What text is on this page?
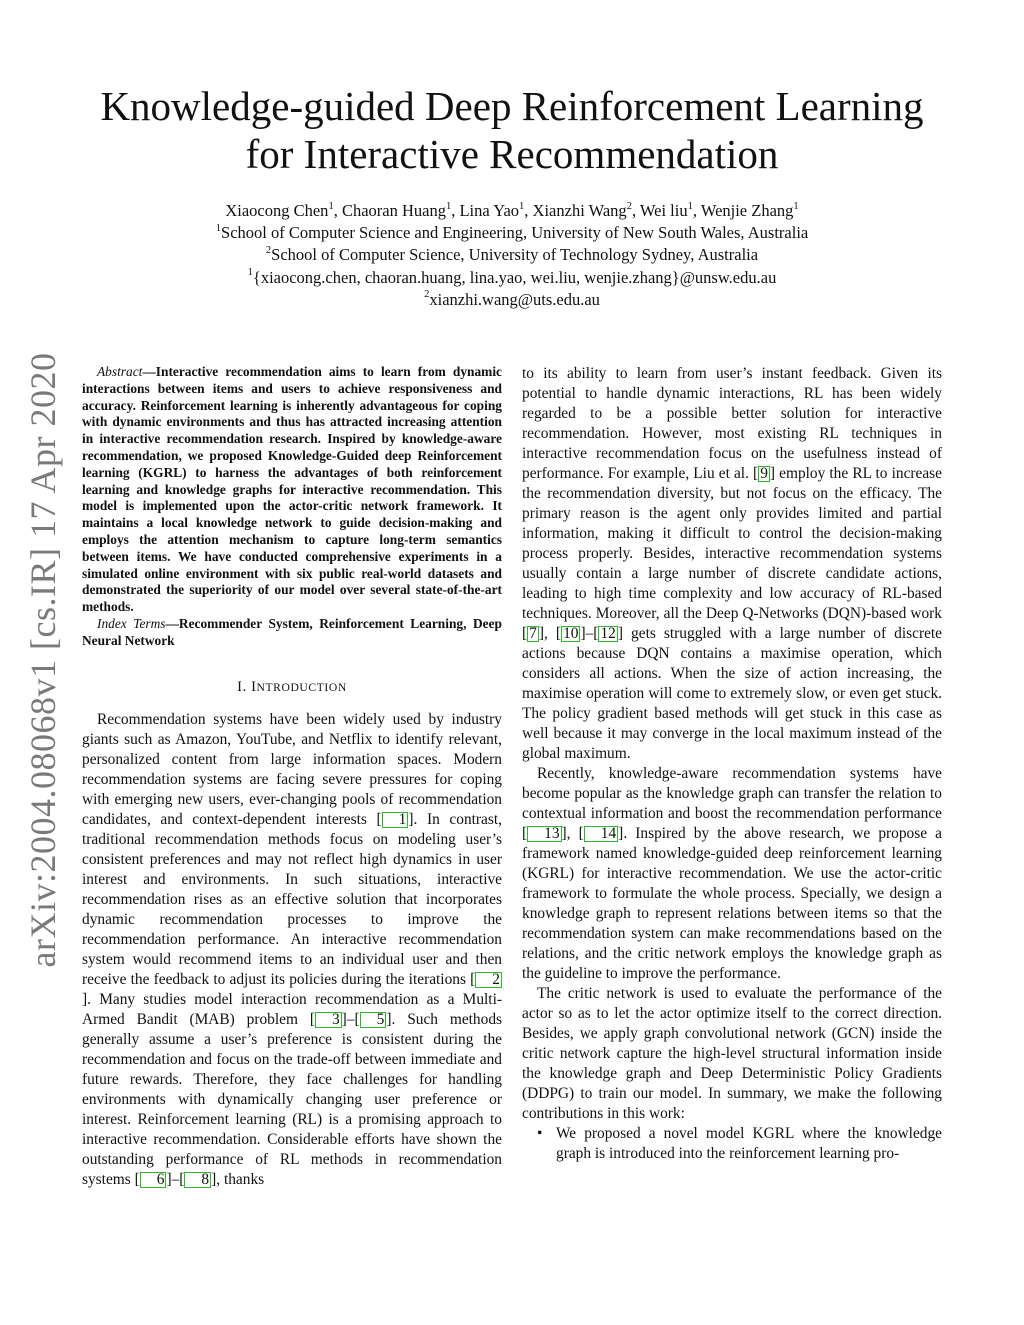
arXiv:2004.08068v1 [cs.IR] 17 Apr 2020
Knowledge-guided Deep Reinforcement Learning
for Interactive Recommendation
Xiaocong Chen$^1$, Chaoran Huang$^1$, Lina Yao$^1$, Xianzhi Wang$^2$, Wei liu$^1$, Wenjie Zhang$^1$
$^1$School of Computer Science and Engineering, University of New South Wales, Australia
$^2$School of Computer Science, University of Technology Sydney, Australia
$^1${xiaocong.chen, chaoran.huang, lina.yao, wei.liu, wenjie.zhang}@unsw.edu.au
$^2$xianzhi.wang@uts.edu.au

Abstract—Interactive recommendation aims to learn from dynamic interactions between items and users to achieve responsiveness and accuracy. Reinforcement learning is inherently advantageous for coping with dynamic environments and thus has attracted increasing attention in interactive recommendation research. Inspired by knowledge-aware recommendation, we proposed Knowledge-Guided deep Reinforcement learning (KGRL) to harness the advantages of both reinforcement learning and knowledge graphs for interactive recommendation. This model is implemented upon the actor-critic network framework. It maintains a local knowledge network to guide decision-making and employs the attention mechanism to capture long-term semantics between items. We have conducted comprehensive experiments in a simulated online environment with six public real-world datasets and demonstrated the superiority of our model over several state-of-the-art methods.

Index Terms—Recommender System, Reinforcement Learning, Deep Neural Network

I. INTRODUCTION

Recommendation systems have been widely used by industry giants such as Amazon, YouTube, and Netflix to identify relevant, personalized content from large information spaces. Modern recommendation systems are facing severe pressures for coping with emerging new users, ever-changing pools of recommendation candidates, and context-dependent interests [ 1 ]. In contrast, traditional recommendation methods focus on modeling user’s consistent preferences and may not reflect high dynamics in user interest and environments. In such situations, interactive recommendation rises as an effective solution that incorporates dynamic recommendation processes to improve the recommendation performance. An interactive recommendation system would recommend items to an individual user and then receive the feedback to adjust its policies during the iterations [ 2]. Many studies model interaction recommendation as a Multi-Armed Bandit (MAB) problem [ 3 ]–[ 5 ]. Such methods generally assume a user’s preference is consistent during the recommendation and focus on the trade-off between immediate and future rewards. Therefore, they face challenges for handling environments with dynamically changing user preference or interest. Reinforcement learning (RL) is a promising approach to interactive recommendation. Considerable efforts have shown the outstanding performance of RL methods in recommendation systems [ 6 ]–[ 8 ], thanks

to its ability to learn from user’s instant feedback. Given its potential to handle dynamic interactions, RL has been widely regarded to be a possible better solution for interactive recommendation. However, most existing RL techniques in interactive recommendation focus on the usefulness instead of performance. For example, Liu et al. [ 9 ] employ the RL to increase the recommendation diversity, but not focus on the efficacy. The primary reason is the agent only provides limited and partial information, making it difficult to control the decision-making process properly. Besides, interactive recommendation systems usually contain a large number of discrete candidate actions, leading to high time complexity and low accuracy of RL-based techniques. Moreover, all the Deep Q-Networks (DQN)-based work [ 7 ], [ 10 ]–[ 12 ] gets struggled with a large number of discrete actions because DQN contains a maximise operation, which considers all actions. When the size of action increasing, the maximise operation will come to extremely slow, or even get stuck. The policy gradient based methods will get stuck in this case as well because it may converge in the local maximum instead of the global maximum.

Recently, knowledge-aware recommendation systems have become popular as the knowledge graph can transfer the relation to contextual information and boost the recommendation performance [ 13 ], [ 14 ]. Inspired by the above research, we propose a framework named knowledge-guided deep reinforcement learning (KGRL) for interactive recommendation. We use the actor-critic framework to formulate the whole process. Specially, we design a knowledge graph to represent relations between items so that the recommendation system can make recommendations based on the relations, and the critic network employs the knowledge graph as the guideline to improve the performance.

The critic network is used to evaluate the performance of the actor so as to let the actor optimize itself to the correct direction. Besides, we apply graph convolutional network (GCN) inside the critic network capture the high-level structural information inside the knowledge graph and Deep Deterministic Policy Gradients (DDPG) to train our model. In summary, we make the following contributions in this work:

• We proposed a novel model KGRL where the knowledge graph is introduced into the reinforcement learning pro-
